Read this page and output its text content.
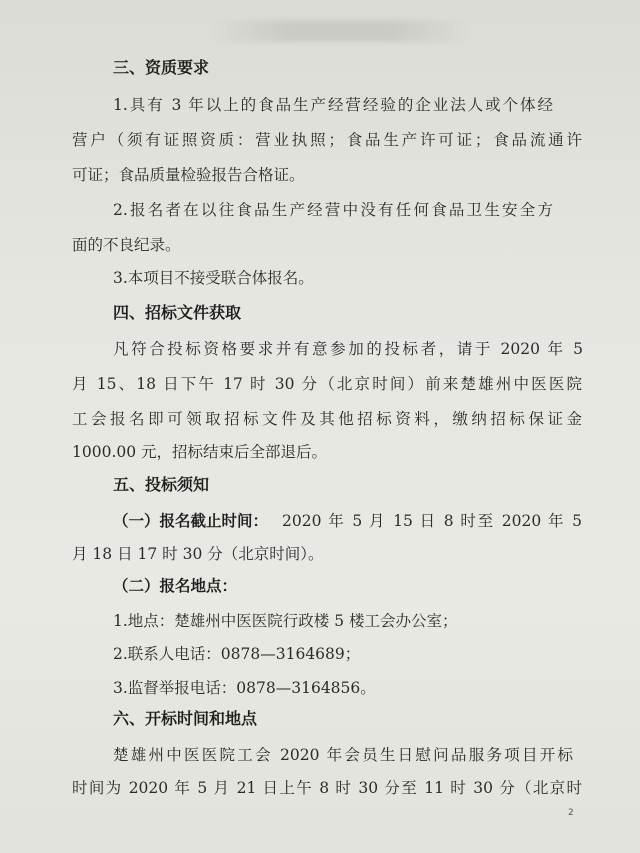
三、资质要求
1.具有 3 年以上的食品生产经营经验的企业法人或个体经
营户（须有证照资质：营业执照；食品生产许可证；食品流通许
可证；食品质量检验报告合格证。
2.报名者在以往食品生产经营中没有任何食品卫生安全方
面的不良纪录。
3.本项目不接受联合体报名。
四、招标文件获取
凡符合投标资格要求并有意参加的投标者，请于 2020 年 5
月 15、18 日下午 17 时 30 分（北京时间）前来楚雄州中医医院
工会报名即可领取招标文件及其他招标资料，缴纳招标保证金
1000.00 元，招标结束后全部退后。
五、投标须知
（一）报名截止时间： 2020 年 5 月 15 日 8 时至 2020 年 5
月 18 日 17 时 30 分（北京时间）。
（二）报名地点：
1.地点：楚雄州中医医院行政楼 5 楼工会办公室；
2.联系人电话：0878—3164689；
3.监督举报电话：0878—3164856。
六、开标时间和地点
楚雄州中医医院工会 2020 年会员生日慰问品服务项目开标
时间为 2020 年 5 月 21 日上午 8 时 30 分至 11 时 30 分（北京时
2
